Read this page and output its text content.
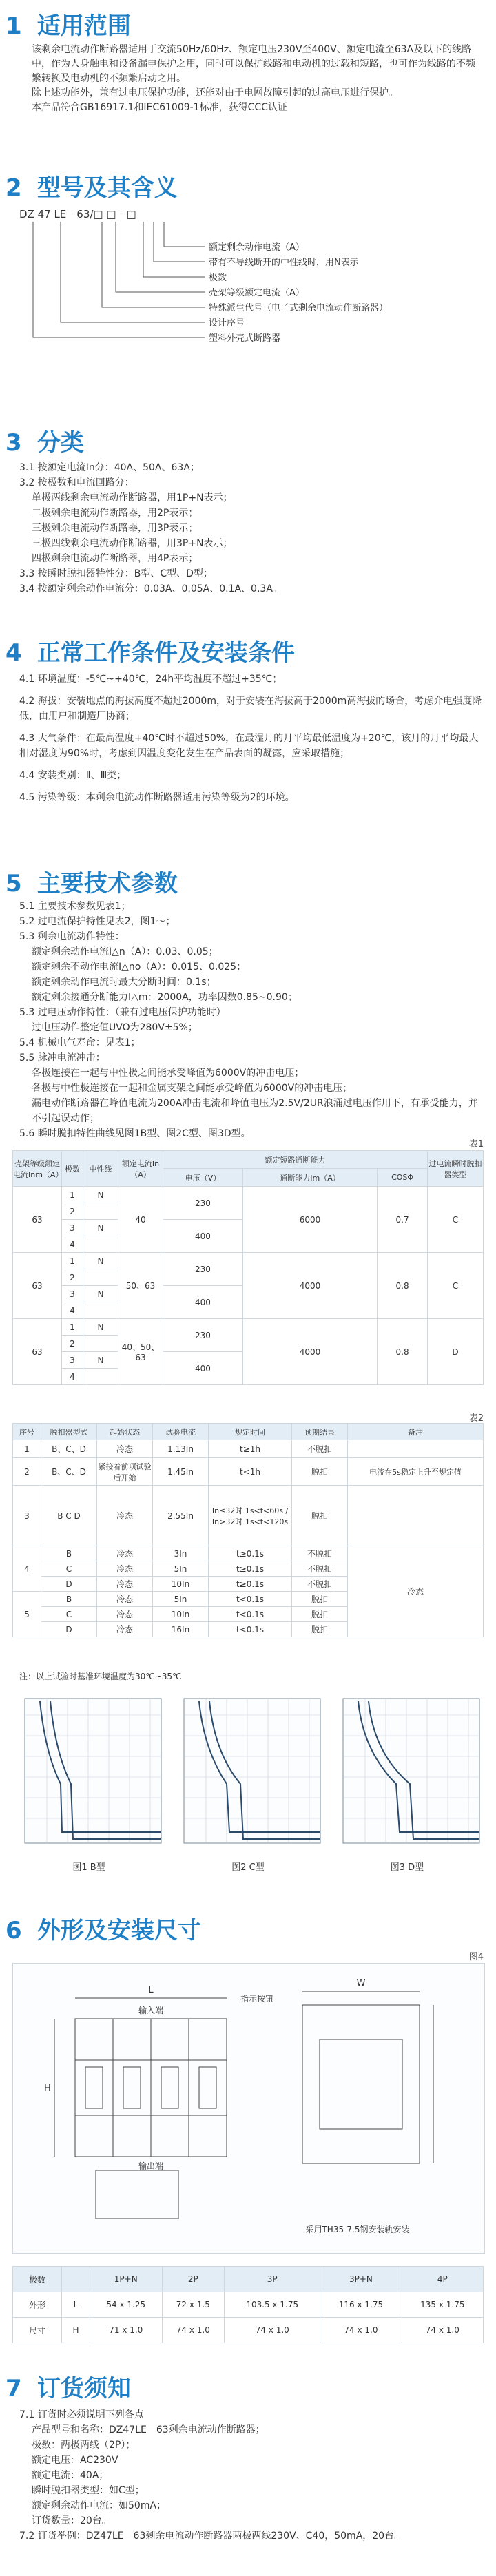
1 适用范围
该剩余电流动作断路器适用于交流50Hz/60Hz、额定电压230V至400V、额定电流至63A及以下的线路中，作为人身触电和设备漏电保护之用，同时可以保护线路和电动机的过载和短路，也可作为线路的不频繁转换及电动机的不频繁启动之用。
除上述功能外，兼有过电压保护功能，还能对由于电网故障引起的过高电压进行保护。
本产品符合GB16917.1和IEC61009-1标准，获得CCC认证
2 型号及其含义
DZ 47 LE－63/□ □－□
额定剩余动作电流（A）
带有不导线断开的中性线时，用N表示
极数
壳架等级额定电流（A）
特殊派生代号（电子式剩余电流动作断路器）
设计序号
塑料外壳式断路器
3 分类
3.1 按额定电流In分：40A、50A、63A；
3.2 按极数和电流回路分：
单极两线剩余电流动作断路器，用1P+N表示；
二极剩余电流动作断路器，用2P表示；
三极剩余电流动作断路器，用3P表示；
三极四线剩余电流动作断路器，用3P+N表示；
四极剩余电流动作断路器，用4P表示；
3.3 按瞬时脱扣器特性分：B型、C型、D型；
3.4 按额定剩余动作电流分：0.03A、0.05A、0.1A、0.3A。
4 正常工作条件及安装条件
4.1 环境温度：-5℃~+40℃，24h平均温度不超过+35℃；
4.2 海拔：安装地点的海拔高度不超过2000m，对于安装在海拔高于2000m高海拔的场合，考虑介电强度降低，由用户和制造厂协商；
4.3 大气条件：在最高温度+40℃时不超过50%，在最湿月的月平均最低温度为+20℃，该月的月平均最大相对湿度为90%时，考虑到因温度变化发生在产品表面的凝露，应采取措施；
4.4 安装类别：Ⅱ、Ⅲ类；
4.5 污染等级：本剩余电流动作断路器适用污染等级为2的环境。
5 主要技术参数
5.1 主要技术参数见表1；
5.2 过电流保护特性见表2，图1～；
5.3 剩余电流动作特性：
额定剩余动作电流I△n（A）：0.03、0.05；
额定剩余不动作电流I△no（A）：0.015、0.025；
额定剩余动作电流时最大分断时间：0.1s；
额定剩余接通分断能力I△m：2000A，功率因数0.85~0.90；
5.3 过电压动作特性：（兼有过电压保护功能时）
过电压动作整定值UVO为280V±5%；
5.4 机械电气寿命：见表1；
5.5 脉冲电流冲击：
各极连接在一起与中性极之间能承受峰值为6000V的冲击电压；
各极与中性极连接在一起和金属支架之间能承受峰值为6000V的冲击电压；
漏电动作断路器在峰值电流为200A冲击电流和峰值电压为2.5V/2UR浪涌过电压作用下，有承受能力，并不引起误动作；
5.6 瞬时脱扣特性曲线见图1B型、图2C型、图3D型。
表1
壳架等级额定电流Inm（A）	极数	中性线	额定电流In（A）	额定短路通断能力			过电流瞬时脱扣器类型
				电压（V）	通断能力Im（A）	COSΦ	
63	1	N	40	230	6000	0.7	C
	2						
	3	N		400			
	4						
63	1	N	50、63	230	4000	0.8	C
	2						
	3	N		400			
	4						
63	1	N	40、50、63	230	4000	0.8	D
	2						
	3	N		400			
	4						
表2
序号	脱扣器型式	起始状态	试验电流	规定时间	预期结果	备注
1	B、C、D	冷态	1.13In	t≥1h	不脱扣	
2	B、C、D	紧接着前项试验后开始	1.45In	t<1h	脱扣	电流在5s稳定上升至规定值
3	B C D	冷态	2.55In	In≤32时 1s<t<60s / In>32时 1s<t<120s	脱扣	
4	B	冷态	3In	t≥0.1s	不脱扣	冷态
	C	冷态	5In	t≥0.1s	不脱扣	
	D	冷态	10In	t≥0.1s	不脱扣	
5	B	冷态	5In	t<0.1s	脱扣	
	C	冷态	10In	t<0.1s	脱扣	
	D	冷态	16In	t<0.1s	脱扣	
注：以上试验时基准环境温度为30℃~35℃
图1 B型	图2 C型	图3 D型
6 外形及安装尺寸
图4
L
H
W
输入端
输出端
指示按钮
采用TH35-7.5钢安装轨安装
极数		1P+N	2P	3P	3P+N	4P
外形	L	54 x 1.25	72 x 1.5	103.5 x 1.75	116 x 1.75	135 x 1.75
尺寸	H	71 x 1.0	74 x 1.0	74 x 1.0	74 x 1.0	74 x 1.0
7 订货须知
7.1 订货时必须说明下列各点
产品型号和名称：DZ47LE－63剩余电流动作断路器；
极数：两极两线（2P）；
额定电压：AC230V
额定电流：40A；
瞬时脱扣器类型：如C型；
额定剩余动作电流：如50mA；
订货数量：20台。
7.2 订货举例：DZ47LE－63剩余电流动作断路器两极两线230V、C40，50mA，20台。
